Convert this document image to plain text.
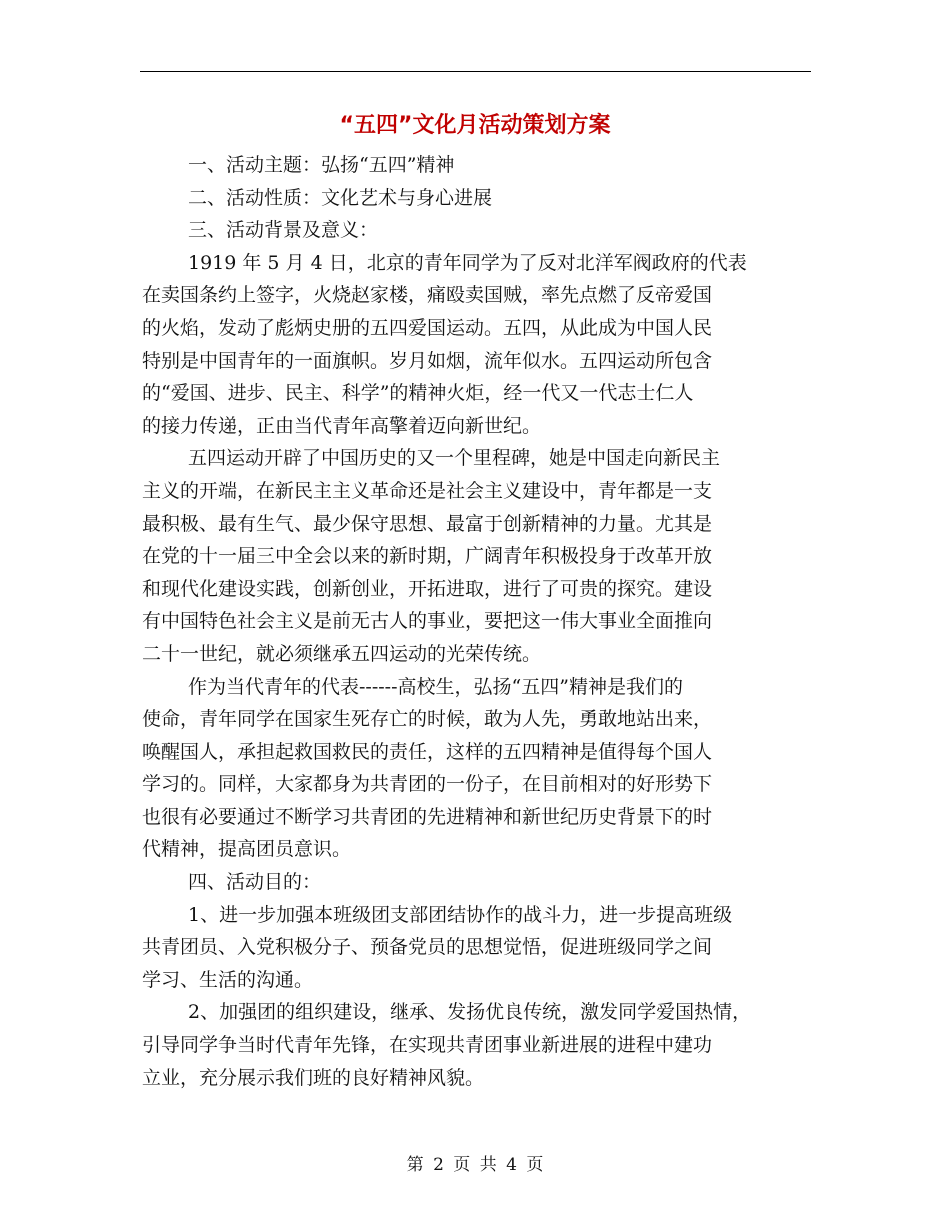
“五四”文化月活动策划方案
一、活动主题：弘扬“五四”精神
二、活动性质：文化艺术与身心进展
三、活动背景及意义：
1919 年 5 月 4 日，北京的青年同学为了反对北洋军阀政府的代表
在卖国条约上签字，火烧赵家楼，痛殴卖国贼，率先点燃了反帝爱国
的火焰，发动了彪炳史册的五四爱国运动。五四，从此成为中国人民
特别是中国青年的一面旗帜。岁月如烟，流年似水。五四运动所包含
的“爱国、进步、民主、科学”的精神火炬，经一代又一代志士仁人
的接力传递，正由当代青年高擎着迈向新世纪。
五四运动开辟了中国历史的又一个里程碑，她是中国走向新民主
主义的开端，在新民主主义革命还是社会主义建设中，青年都是一支
最积极、最有生气、最少保守思想、最富于创新精神的力量。尤其是
在党的十一届三中全会以来的新时期，广阔青年积极投身于改革开放
和现代化建设实践，创新创业，开拓进取，进行了可贵的探究。建设
有中国特色社会主义是前无古人的事业，要把这一伟大事业全面推向
二十一世纪，就必须继承五四运动的光荣传统。
作为当代青年的代表------高校生，弘扬“五四”精神是我们的
使命，青年同学在国家生死存亡的时候，敢为人先，勇敢地站出来，
唤醒国人，承担起救国救民的责任，这样的五四精神是值得每个国人
学习的。同样，大家都身为共青团的一份子，在目前相对的好形势下
也很有必要通过不断学习共青团的先进精神和新世纪历史背景下的时
代精神，提高团员意识。
四、活动目的：
1、进一步加强本班级团支部团结协作的战斗力，进一步提高班级
共青团员、入党积极分子、预备党员的思想觉悟，促进班级同学之间
学习、生活的沟通。
2、加强团的组织建设，继承、发扬优良传统，激发同学爱国热情，
引导同学争当时代青年先锋，在实现共青团事业新进展的进程中建功
立业，充分展示我们班的良好精神风貌。
第 2 页 共 4 页
